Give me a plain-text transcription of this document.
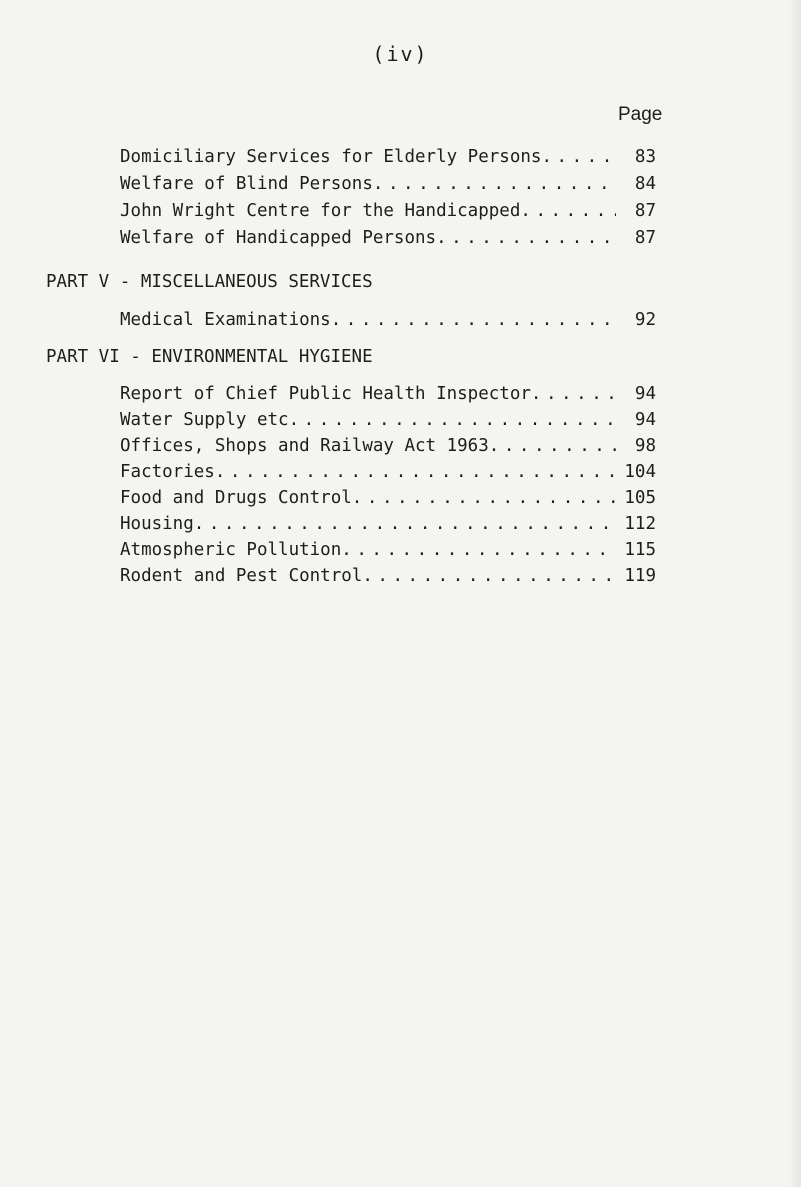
(iv)
Page
Domiciliary Services for Elderly Persons . . .	83
Welfare of Blind Persons . . .	84
John Wright Centre for the Handicapped . . .	87
Welfare of Handicapped Persons . . .	87
PART V - MISCELLANEOUS SERVICES
Medical Examinations . . .	92
PART VI - ENVIRONMENTAL HYGIENE
Report of Chief Public Health Inspector . . .	94
Water Supply etc . . .	94
Offices, Shops and Railway Act 1963 . . .	98
Factories . . .	104
Food and Drugs Control . . .	105
Housing . . .	112
Atmospheric Pollution . . .	115
Rodent and Pest Control . . .	119
